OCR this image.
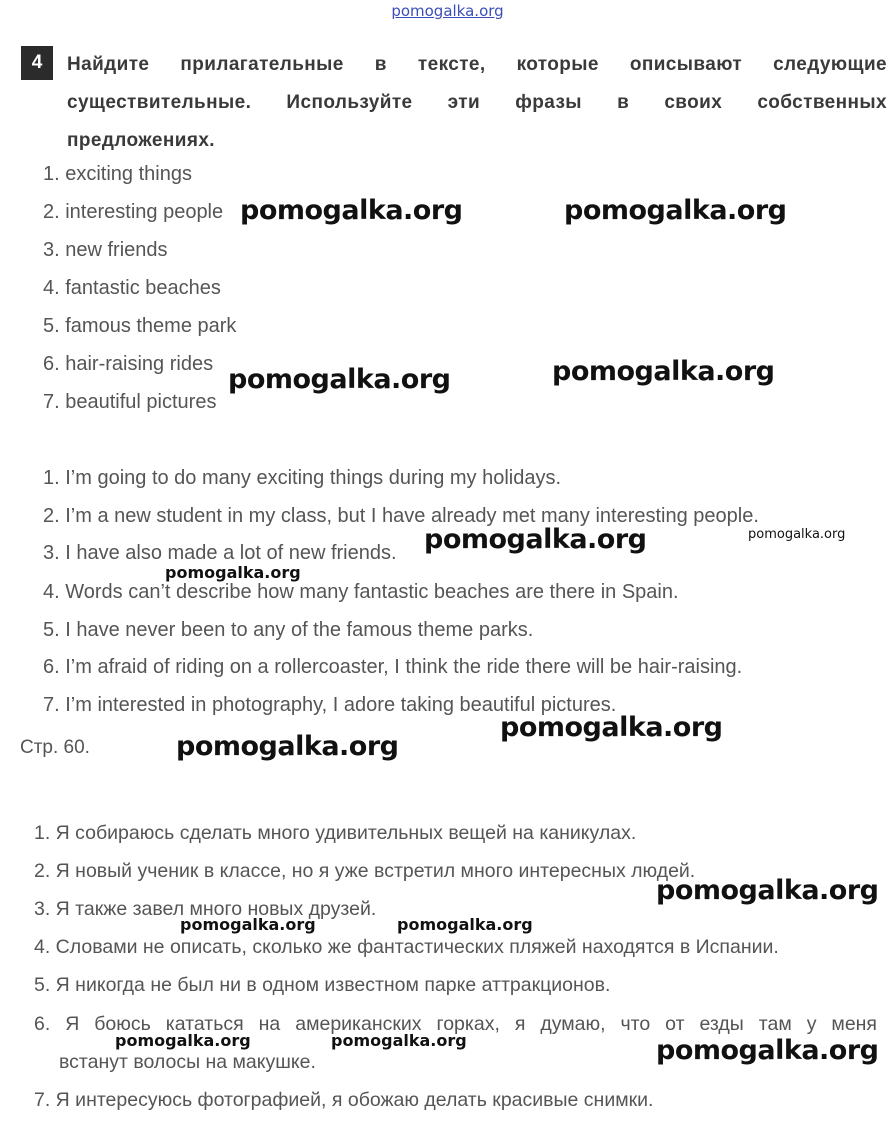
pomogalka.org
4	Найдите прилагательные в тексте, которые описывают следующие
существительные. Используйте эти фразы в своих собственных
предложениях.
1. exciting things
2. interesting people
3. new friends
4. fantastic beaches
5. famous theme park
6. hair-raising rides
7. beautiful pictures
1. I’m going to do many exciting things during my holidays.
2. I’m a new student in my class, but I have already met many interesting people.
3. I have also made a lot of new friends.
4. Words can’t describe how many fantastic beaches are there in Spain.
5. I have never been to any of the famous theme parks.
6. I’m afraid of riding on a rollercoaster, I think the ride there will be hair-raising.
7. I’m interested in photography, I adore taking beautiful pictures.
Стр. 60.
1. Я собираюсь сделать много удивительных вещей на каникулах.
2. Я новый ученик в классе, но я уже встретил много интересных людей.
3. Я также завел много новых друзей.
4. Словами не описать, сколько же фантастических пляжей находятся в Испании.
5. Я никогда не был ни в одном известном парке аттракционов.
6. Я боюсь кататься на американских горках, я думаю, что от езды там у меня
встанут волосы на макушке.
7. Я интересуюсь фотографией, я обожаю делать красивые снимки.
pomogalka.org	pomogalka.org
pomogalka.org	pomogalka.org
pomogalka.org	pomogalka.org
pomogalka.org
pomogalka.org
pomogalka.org
pomogalka.org
pomogalka.org	pomogalka.org
pomogalka.org	pomogalka.org	pomogalka.org
